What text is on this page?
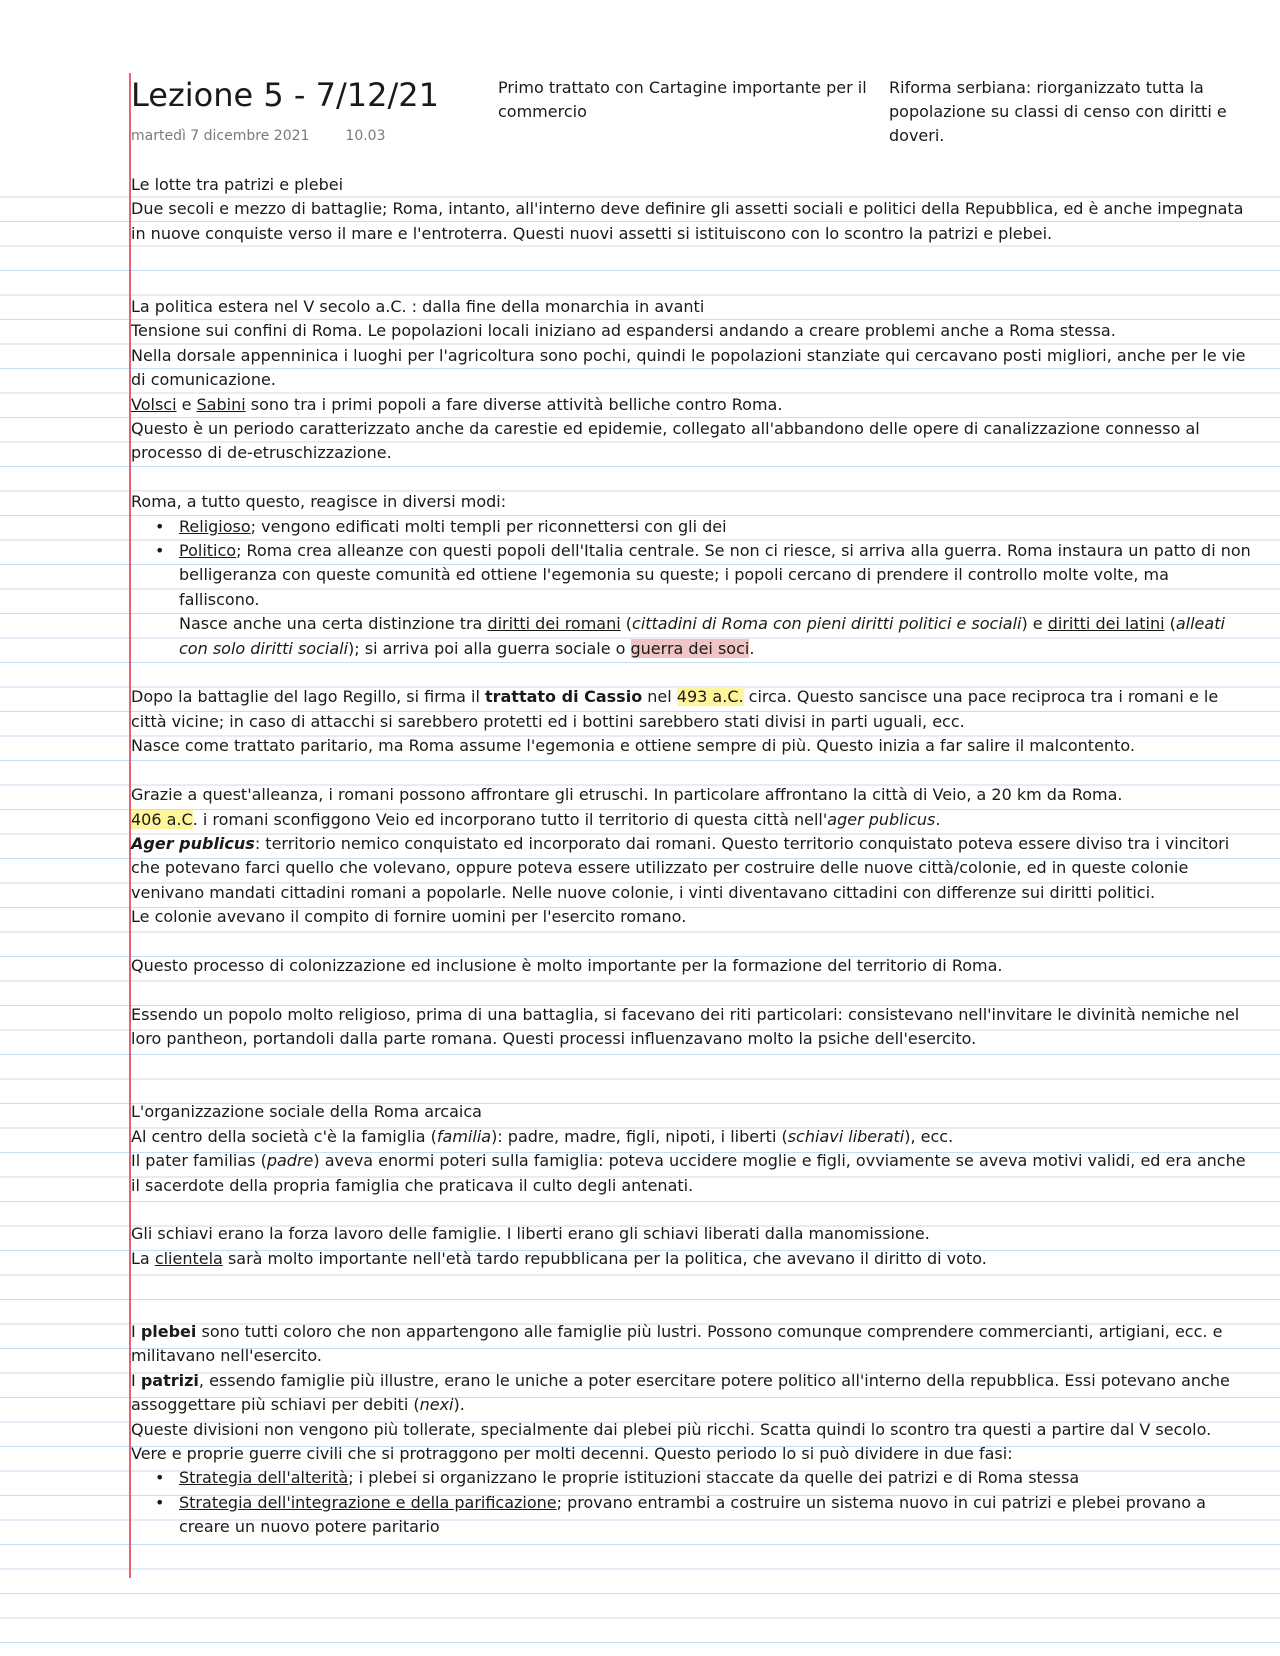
Lezione 5 - 7/12/21
martedì 7 dicembre 2021	10.03
Primo trattato con Cartagine importante per il commercio
Riforma serbiana: riorganizzato tutta la popolazione su classi di censo con diritti e doveri.

Le lotte tra patrizi e plebei

Due secoli e mezzo di battaglie; Roma, intanto, all'interno deve definire gli assetti sociali e politici della Repubblica, ed è anche impegnata in nuove conquiste verso il mare e l'entroterra. Questi nuovi assetti si istituiscono con lo scontro la patrizi e plebei.

La politica estera nel V secolo a.C. : dalla fine della monarchia in avanti

Tensione sui confini di Roma. Le popolazioni locali iniziano ad espandersi andando a creare problemi anche a Roma stessa.

Nella dorsale appenninica i luoghi per l'agricoltura sono pochi, quindi le popolazioni stanziate qui cercavano posti migliori, anche per le vie di comunicazione.

Volsci e Sabini sono tra i primi popoli a fare diverse attività belliche contro Roma.

Questo è un periodo caratterizzato anche da carestie ed epidemie, collegato all'abbandono delle opere di canalizzazione connesso al processo di de-etruschizzazione.

Roma, a tutto questo, reagisce in diversi modi:

• Religioso; vengono edificati molti templi per riconnettersi con gli dei
• Politico; Roma crea alleanze con questi popoli dell'Italia centrale. Se non ci riesce, si arriva alla guerra. Roma instaura un patto di non belligeranza con queste comunità ed ottiene l'egemonia su queste; i popoli cercano di prendere il controllo molte volte, ma falliscono.
Nasce anche una certa distinzione tra diritti dei romani (cittadini di Roma con pieni diritti politici e sociali) e diritti dei latini (alleati con solo diritti sociali); si arriva poi alla guerra sociale o guerra dei soci.

Dopo la battaglie del lago Regillo, si firma il trattato di Cassio nel 493 a.C. circa. Questo sancisce una pace reciproca tra i romani e le città vicine; in caso di attacchi si sarebbero protetti ed i bottini sarebbero stati divisi in parti uguali, ecc.

Nasce come trattato paritario, ma Roma assume l'egemonia e ottiene sempre di più. Questo inizia a far salire il malcontento.

Grazie a quest'alleanza, i romani possono affrontare gli etruschi. In particolare affrontano la città di Veio, a 20 km da Roma.

406 a.C. i romani sconfiggono Veio ed incorporano tutto il territorio di questa città nell'ager publicus.

Ager publicus: territorio nemico conquistato ed incorporato dai romani. Questo territorio conquistato poteva essere diviso tra i vincitori che potevano farci quello che volevano, oppure poteva essere utilizzato per costruire delle nuove città/colonie, ed in queste colonie venivano mandati cittadini romani a popolarle. Nelle nuove colonie, i vinti diventavano cittadini con differenze sui diritti politici.

Le colonie avevano il compito di fornire uomini per l'esercito romano.

Questo processo di colonizzazione ed inclusione è molto importante per la formazione del territorio di Roma.

Essendo un popolo molto religioso, prima di una battaglia, si facevano dei riti particolari: consistevano nell'invitare le divinità nemiche nel loro pantheon, portandoli dalla parte romana. Questi processi influenzavano molto la psiche dell'esercito.

L'organizzazione sociale della Roma arcaica

Al centro della società c'è la famiglia (familia): padre, madre, figli, nipoti, i liberti (schiavi liberati), ecc.

Il pater familias (padre) aveva enormi poteri sulla famiglia: poteva uccidere moglie e figli, ovviamente se aveva motivi validi, ed era anche il sacerdote della propria famiglia che praticava il culto degli antenati.

Gli schiavi erano la forza lavoro delle famiglie. I liberti erano gli schiavi liberati dalla manomissione.

La clientela sarà molto importante nell'età tardo repubblicana per la politica, che avevano il diritto di voto.

I plebei sono tutti coloro che non appartengono alle famiglie più lustri. Possono comunque comprendere commercianti, artigiani, ecc. e militavano nell'esercito.

I patrizi, essendo famiglie più illustre, erano le uniche a poter esercitare potere politico all'interno della repubblica. Essi potevano anche assoggettare più schiavi per debiti (nexi).

Queste divisioni non vengono più tollerate, specialmente dai plebei più ricchi. Scatta quindi lo scontro tra questi a partire dal V secolo.

Vere e proprie guerre civili che si protraggono per molti decenni. Questo periodo lo si può dividere in due fasi:

• Strategia dell'alterità; i plebei si organizzano le proprie istituzioni staccate da quelle dei patrizi e di Roma stessa
• Strategia dell'integrazione e della parificazione; provano entrambi a costruire un sistema nuovo in cui patrizi e plebei provano a creare un nuovo potere paritario
